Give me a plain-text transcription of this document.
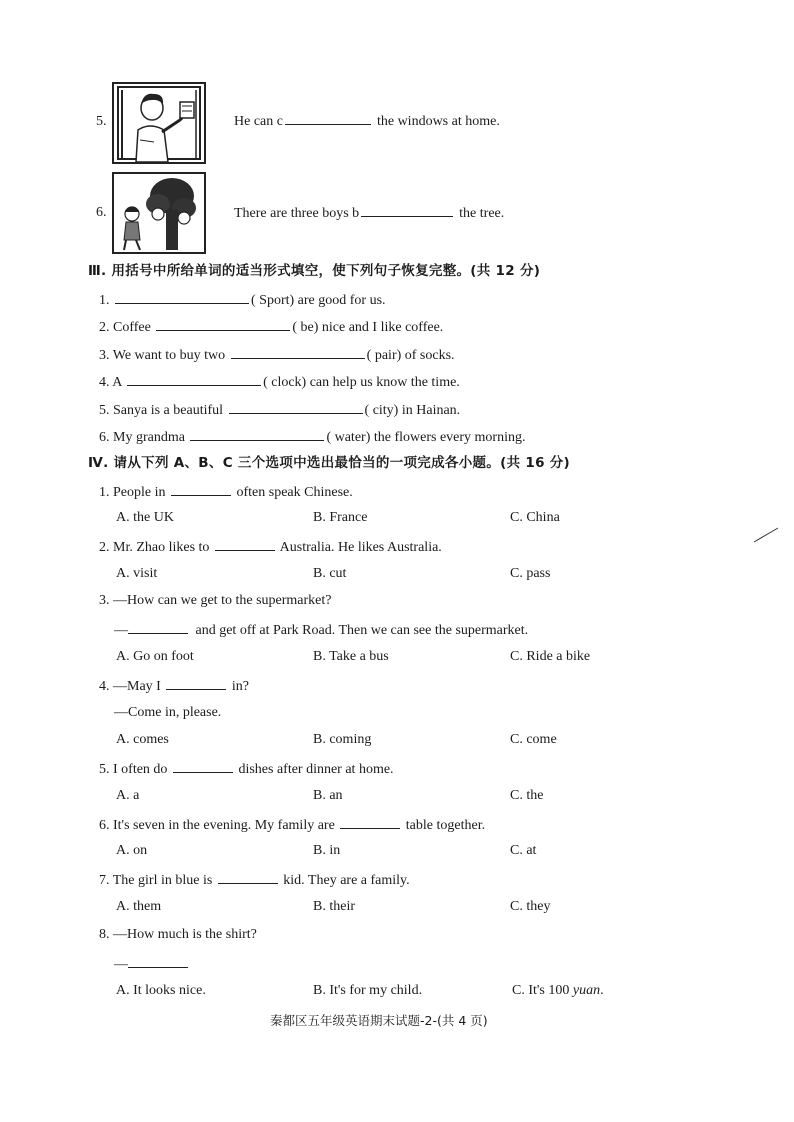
5.	He can c	the windows at home.
6.	There are three boys b	the tree.
Ⅲ. 用括号中所给单词的适当形式填空，使下列句子恢复完整。(共 12 分)
1.	( Sport) are good for us.
2. Coffee	( be) nice and I like coffee.
3. We want to buy two	( pair) of socks.
4. A	( clock) can help us know the time.
5. Sanya is a beautiful	( city) in Hainan.
6. My grandma	( water) the flowers every morning.
Ⅳ. 请从下列 A、B、C 三个选项中选出最恰当的一项完成各小题。(共 16 分)
1. People in	often speak Chinese.
A. the UK	B. France	C. China
2. Mr. Zhao likes to	Australia. He likes Australia.
A. visit	B. cut	C. pass
3. —How can we get to the supermarket?
—	and get off at Park Road. Then we can see the supermarket.
A. Go on foot	B. Take a bus	C. Ride a bike
4. —May I	in?
—Come in, please.
A. comes	B. coming	C. come
5. I often do	dishes after dinner at home.
A. a	B. an	C. the
6. It's seven in the evening. My family are	table together.
A. on	B. in	C. at
7. The girl in blue is	kid. They are a family.
A. them	B. their	C. they
8. —How much is the shirt?
—
A. It looks nice.	B. It's for my child.	C. It's 100 yuan.
秦都区五年级英语期末试题-2-(共 4 页)
